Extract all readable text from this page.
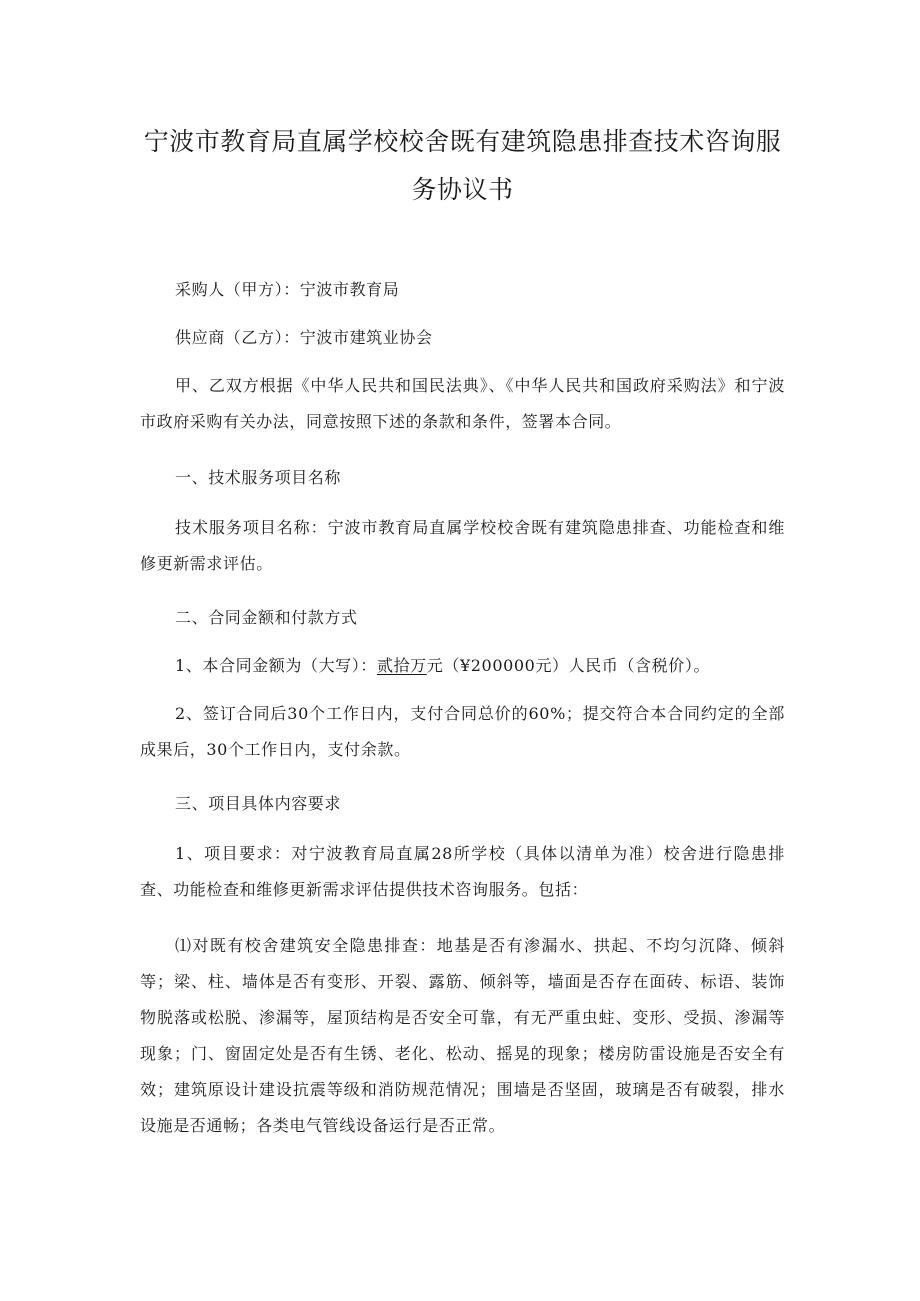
宁波市教育局直属学校校舍既有建筑隐患排查技术咨询服务协议书

采购人（甲方）：宁波市教育局

供应商（乙方）：宁波市建筑业协会

甲、乙双方根据《中华人民共和国民法典》、《中华人民共和国政府采购法》和宁波市政府采购有关办法，同意按照下述的条款和条件，签署本合同。

一、技术服务项目名称

技术服务项目名称：宁波市教育局直属学校校舍既有建筑隐患排查、功能检查和维修更新需求评估。

二、合同金额和付款方式

1、本合同金额为（大写）：贰拾万元（¥200000元）人民币（含税价）。

2、签订合同后30个工作日内，支付合同总价的60%；提交符合本合同约定的全部成果后，30个工作日内，支付余款。

三、项目具体内容要求

1、项目要求：对宁波教育局直属28所学校（具体以清单为准）校舍进行隐患排查、功能检查和维修更新需求评估提供技术咨询服务。包括：

⑴对既有校舍建筑安全隐患排查：地基是否有渗漏水、拱起、不均匀沉降、倾斜等；梁、柱、墙体是否有变形、开裂、露筋、倾斜等，墙面是否存在面砖、标语、装饰物脱落或松脱、渗漏等，屋顶结构是否安全可靠，有无严重虫蛀、变形、受损、渗漏等现象；门、窗固定处是否有生锈、老化、松动、摇晃的现象；楼房防雷设施是否安全有效；建筑原设计建设抗震等级和消防规范情况；围墙是否坚固，玻璃是否有破裂，排水设施是否通畅；各类电气管线设备运行是否正常。
